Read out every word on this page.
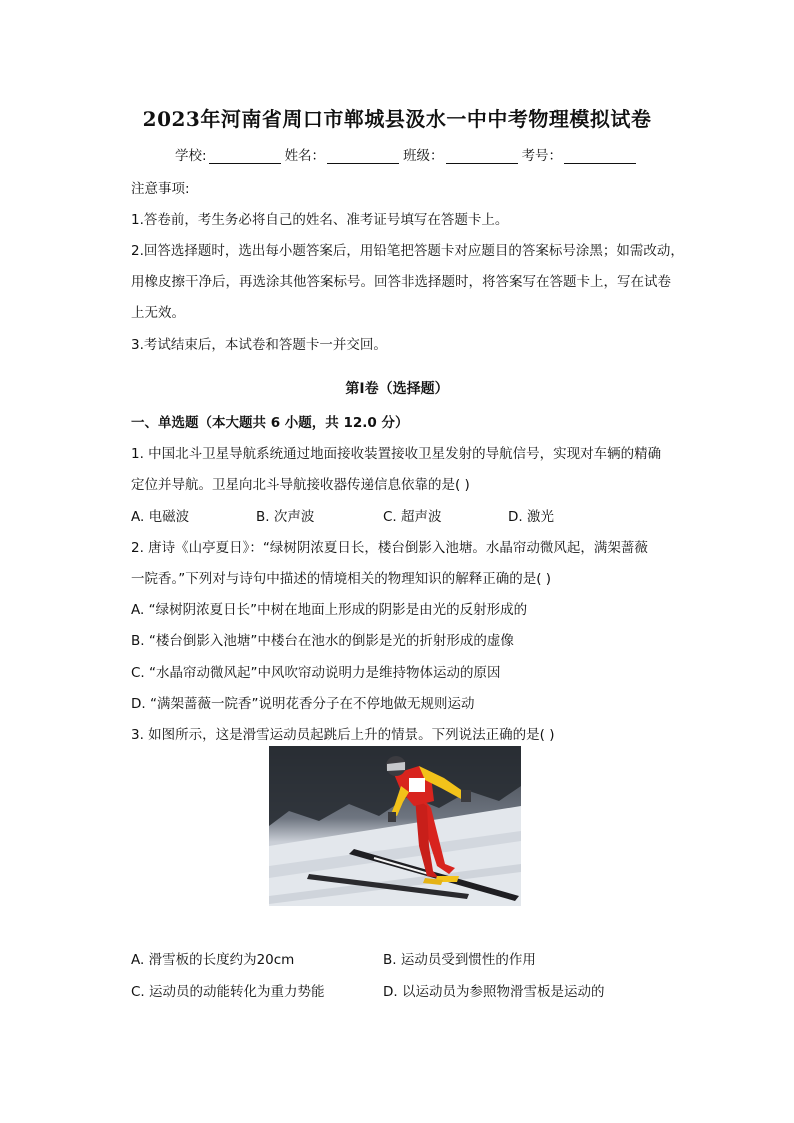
2023年河南省周口市郸城县汲水一中中考物理模拟试卷
学校:	姓名：	班级：	考号：
注意事项:
1.答卷前，考生务必将自己的姓名、准考证号填写在答题卡上。
2.回答选择题时，选出每小题答案后，用铅笔把答题卡对应题目的答案标号涂黑；如需改动，
用橡皮擦干净后，再选涂其他答案标号。回答非选择题时，将答案写在答题卡上，写在试卷
上无效。
3.考试结束后，本试卷和答题卡一并交回。
第Ⅰ卷（选择题）
一、单选题（本大题共 6 小题，共 12.0 分）
1. 中国北斗卫星导航系统通过地面接收装置接收卫星发射的导航信号，实现对车辆的精确
定位并导航。卫星向北斗导航接收器传递信息依靠的是( )
A. 电磁波	B. 次声波	C. 超声波	D. 激光
2. 唐诗《山亭夏日》：“绿树阴浓夏日长，楼台倒影入池塘。水晶帘动微风起，满架蔷薇
一院香。”下列对与诗句中描述的情境相关的物理知识的解释正确的是( )
A. “绿树阴浓夏日长”中树在地面上形成的阴影是由光的反射形成的
B. “楼台倒影入池塘”中楼台在池水的倒影是光的折射形成的虚像
C. “水晶帘动微风起”中风吹帘动说明力是维持物体运动的原因
D. “满架蔷薇一院香”说明花香分子在不停地做无规则运动
3. 如图所示，这是滑雪运动员起跳后上升的情景。下列说法正确的是( )
A. 滑雪板的长度约为20cm	B. 运动员受到惯性的作用
C. 运动员的动能转化为重力势能	D. 以运动员为参照物滑雪板是运动的
